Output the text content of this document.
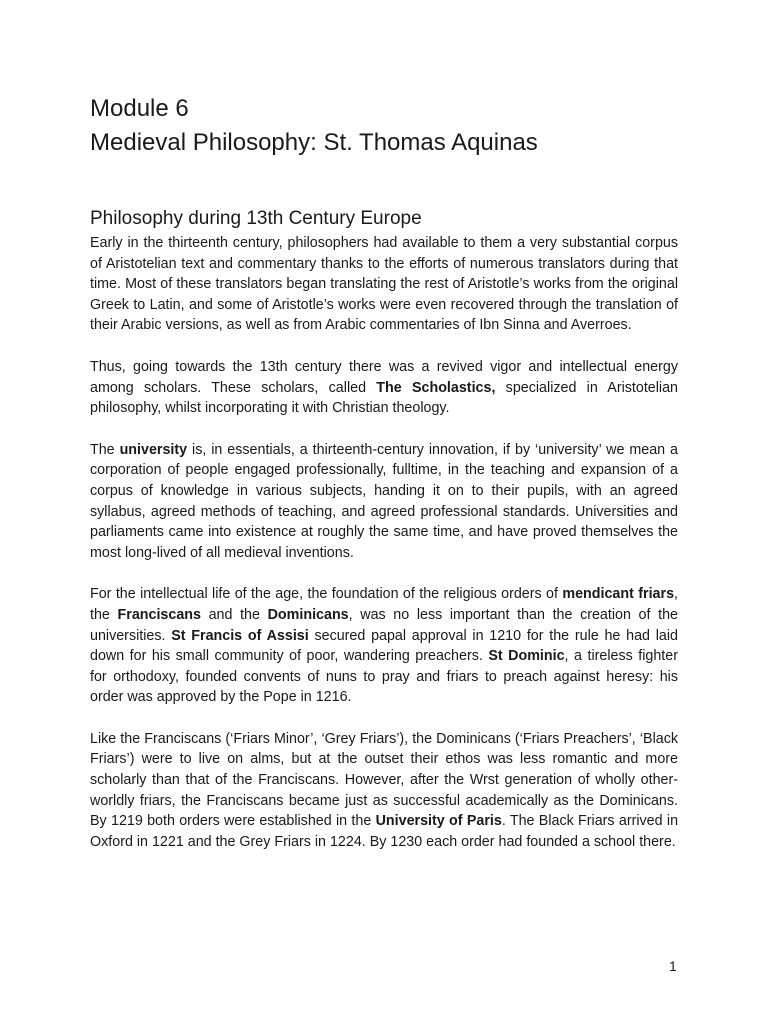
Module 6
Medieval Philosophy: St. Thomas Aquinas
Philosophy during 13th Century Europe

Early in the thirteenth century, philosophers had available to them a very substantial corpus of Aristotelian text and commentary thanks to the efforts of numerous translators during that time. Most of these translators began translating the rest of Aristotle’s works from the original Greek to Latin, and some of Aristotle’s works were even recovered through the translation of their Arabic versions, as well as from Arabic commentaries of Ibn Sinna and Averroes.

Thus, going towards the 13th century there was a revived vigor and intellectual energy among scholars. These scholars, called The Scholastics, specialized in Aristotelian philosophy, whilst incorporating it with Christian theology.

The university is, in essentials, a thirteenth-century innovation, if by ‘university’ we mean a corporation of people engaged professionally, fulltime, in the teaching and expansion of a corpus of knowledge in various subjects, handing it on to their pupils, with an agreed syllabus, agreed methods of teaching, and agreed professional standards. Universities and parliaments came into existence at roughly the same time, and have proved themselves the most long-lived of all medieval inventions.

For the intellectual life of the age, the foundation of the religious orders of mendicant friars, the Franciscans and the Dominicans, was no less important than the creation of the universities. St Francis of Assisi secured papal approval in 1210 for the rule he had laid down for his small community of poor, wandering preachers. St Dominic, a tireless fighter for orthodoxy, founded convents of nuns to pray and friars to preach against heresy: his order was approved by the Pope in 1216.

Like the Franciscans (‘Friars Minor’, ‘Grey Friars’), the Dominicans (‘Friars Preachers’, ‘Black Friars’) were to live on alms, but at the outset their ethos was less romantic and more scholarly than that of the Franciscans. However, after the Wrst generation of wholly other-worldly friars, the Franciscans became just as successful academically as the Dominicans. By 1219 both orders were established in the University of Paris. The Black Friars arrived in Oxford in 1221 and the Grey Friars in 1224. By 1230 each order had founded a school there.

1
